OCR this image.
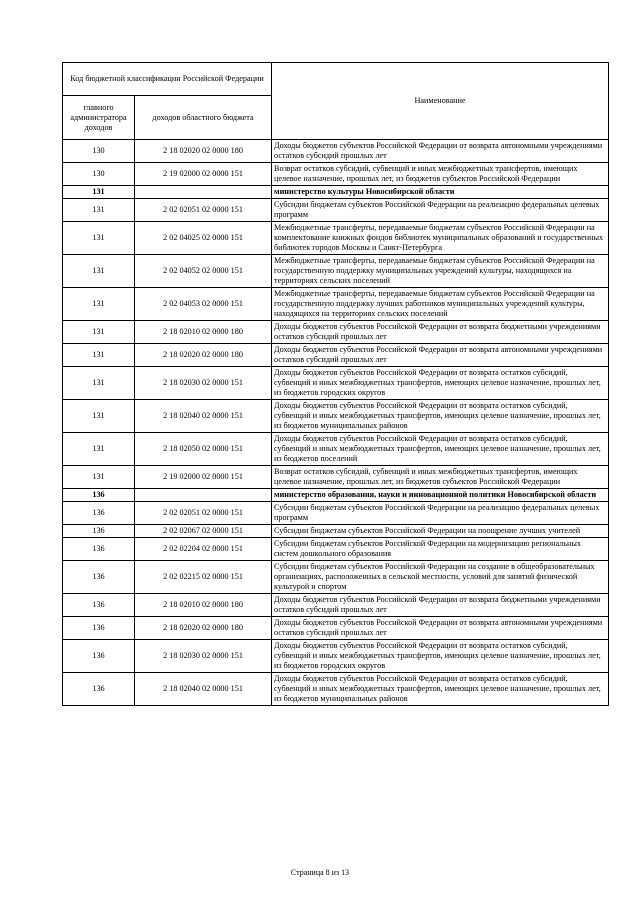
Код бюджетной классификации Российской Федерации		Наименование
главного администратора доходов	доходов областного бюджета	
130	2 18 02020 02 0000 180	Доходы бюджетов субъектов Российской Федерации от возврата автономными учреждениями остатков субсидий прошлых лет
130	2 19 02000 02 0000 151	Возврат остатков субсидий, субвенций и иных межбюджетных трансфертов, имеющих целевое назначение, прошлых лет, из бюджетов субъектов Российской Федерации
131		министерство культуры Новосибирской области
131	2 02 02051 02 0000 151	Субсидии бюджетам субъектов Российской Федерации на реализацию федеральных целевых программ
131	2 02 04025 02 0000 151	Межбюджетные трансферты, передаваемые бюджетам субъектов Российской Федерации на комплектование книжных фондов библиотек муниципальных образований и государственных библиотек городов Москвы и Санкт-Петербурга
131	2 02 04052 02 0000 151	Межбюджетные трансферты, передаваемые бюджетам субъектов Российской Федерации на государственную поддержку муниципальных учреждений культуры, находящихся на территориях сельских поселений
131	2 02 04053 02 0000 151	Межбюджетные трансферты, передаваемые бюджетам субъектов Российской Федерации на государственную поддержку лучших работников муниципальных учреждений культуры, находящихся на территориях сельских поселений
131	2 18 02010 02 0000 180	Доходы бюджетов субъектов Российской Федерации от возврата бюджетными учреждениями остатков субсидий прошлых лет
131	2 18 02020 02 0000 180	Доходы бюджетов субъектов Российской Федерации от возврата автономными учреждениями остатков субсидий прошлых лет
131	2 18 02030 02 0000 151	Доходы бюджетов субъектов Российской Федерации от возврата остатков субсидий, субвенций и иных межбюджетных трансфертов, имеющих целевое назначение, прошлых лет, из бюджетов городских округов
131	2 18 02040 02 0000 151	Доходы бюджетов субъектов Российской Федерации от возврата остатков субсидий, субвенций и иных межбюджетных трансфертов, имеющих целевое назначение, прошлых лет, из бюджетов муниципальных районов
131	2 18 02050 02 0000 151	Доходы бюджетов субъектов Российской Федерации от возврата остатков субсидий, субвенций и иных межбюджетных трансфертов, имеющих целевое назначение, прошлых лет, из бюджетов поселений
131	2 19 02000 02 0000 151	Возврат остатков субсидий, субвенций и иных межбюджетных трансфертов, имеющих целевое назначение, прошлых лет, из бюджетов субъектов Российской Федерации
136		министерство образования, науки и инновационной политики Новосибирской области
136	2 02 02051 02 0000 151	Субсидии бюджетам субъектов Российской Федерации на реализацию федеральных целевых программ
136	2 02 02067 02 0000 151	Субсидии бюджетам субъектов Российской Федерации на поощрение лучших учителей
136	2 02 02204 02 0000 151	Субсидии бюджетам субъектов Российской Федерации на модернизацию региональных систем дошкольного образования
136	2 02 02215 02 0000 151	Субсидии бюджетам субъектов Российской Федерации на создание в общеобразовательных организациях, расположенных в сельской местности, условий для занятий физической культурой и спортом
136	2 18 02010 02 0000 180	Доходы бюджетов субъектов Российской Федерации от возврата бюджетными учреждениями остатков субсидий прошлых лет
136	2 18 02020 02 0000 180	Доходы бюджетов субъектов Российской Федерации от возврата автономными учреждениями остатков субсидий прошлых лет
136	2 18 02030 02 0000 151	Доходы бюджетов субъектов Российской Федерации от возврата остатков субсидий, субвенций и иных межбюджетных трансфертов, имеющих целевое назначение, прошлых лет, из бюджетов городских округов
136	2 18 02040 02 0000 151	Доходы бюджетов субъектов Российской Федерации от возврата остатков субсидий, субвенций и иных межбюджетных трансфертов, имеющих целевое назначение, прошлых лет, из бюджетов муниципальных районов
Страница 8 из 13
